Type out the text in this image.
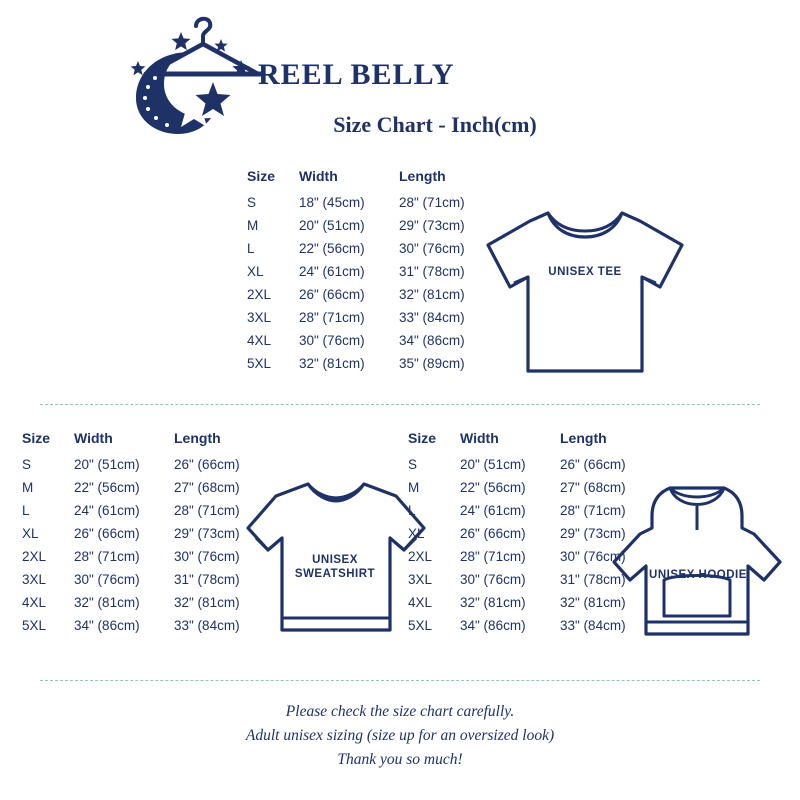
REEL BELLY
Size Chart - Inch(cm)
Size	Width	Length
S	18" (45cm)	28" (71cm)
M	20" (51cm)	29" (73cm)
L	22" (56cm)	30" (76cm)
XL	24" (61cm)	31" (78cm)
2XL	26" (66cm)	32" (81cm)
3XL	28" (71cm)	33" (84cm)
4XL	30" (76cm)	34" (86cm)
5XL	32" (81cm)	35" (89cm)
UNISEX TEE
Size	Width	Length
S	20" (51cm)	26" (66cm)
M	22" (56cm)	27" (68cm)
L	24" (61cm)	28" (71cm)
XL	26" (66cm)	29" (73cm)
2XL	28" (71cm)	30" (76cm)
3XL	30" (76cm)	31" (78cm)
4XL	32" (81cm)	32" (81cm)
5XL	34" (86cm)	33" (84cm)
UNISEX
SWEATSHIRT
Size	Width	Length
S	20" (51cm)	26" (66cm)
M	22" (56cm)	27" (68cm)
L	24" (61cm)	28" (71cm)
XL	26" (66cm)	29" (73cm)
2XL	28" (71cm)	30" (76cm)
3XL	30" (76cm)	31" (78cm)
4XL	32" (81cm)	32" (81cm)
5XL	34" (86cm)	33" (84cm)
UNISEX HOODIE
Please check the size chart carefully.
Adult unisex sizing (size up for an oversized look)
Thank you so much!
